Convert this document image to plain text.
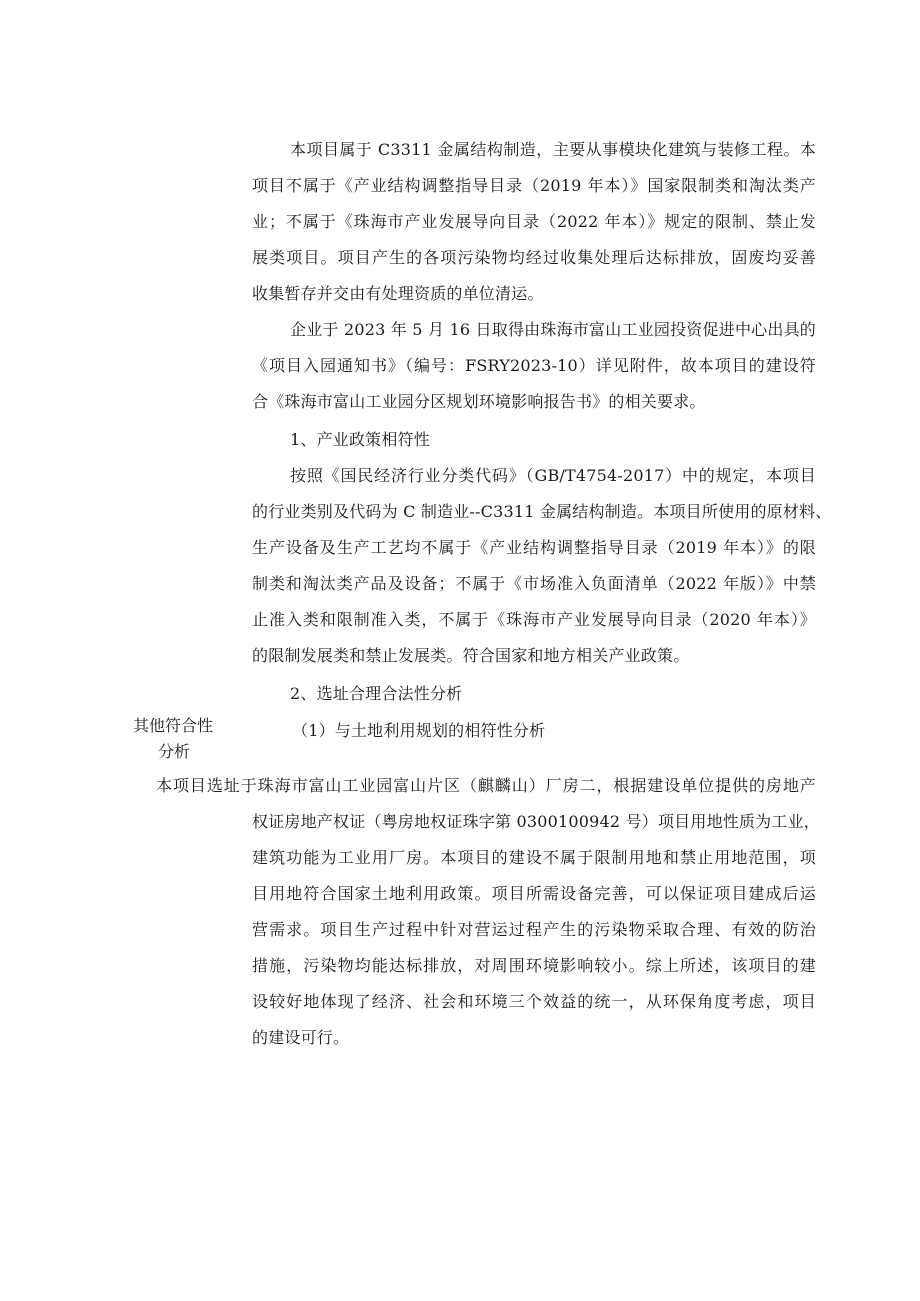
本项目属于 C3311 金属结构制造，主要从事模块化建筑与装修工程。本
项目不属于《产业结构调整指导目录（2019 年本）》国家限制类和淘汰类产
业；不属于《珠海市产业发展导向目录（2022 年本）》规定的限制、禁止发
展类项目。项目产生的各项污染物均经过收集处理后达标排放，固废均妥善
收集暂存并交由有处理资质的单位清运。
企业于 2023 年 5 月 16 日取得由珠海市富山工业园投资促进中心出具的
《项目入园通知书》（编号：FSRY2023-10）详见附件，故本项目的建设符
合《珠海市富山工业园分区规划环境影响报告书》的相关要求。
1、产业政策相符性
按照《国民经济行业分类代码》（GB/T4754-2017）中的规定，本项目
的行业类别及代码为 C 制造业--C3311 金属结构制造。本项目所使用的原材料、
生产设备及生产工艺均不属于《产业结构调整指导目录（2019 年本）》的限
制类和淘汰类产品及设备；不属于《市场准入负面清单（2022 年版）》中禁
止准入类和限制准入类，不属于《珠海市产业发展导向目录（2020 年本）》
的限制发展类和禁止发展类。符合国家和地方相关产业政策。
2、选址合理合法性分析
其他符合性
分析
（1）与土地利用规划的相符性分析
本项目选址于珠海市富山工业园富山片区（麒麟山）厂房二，根据建设单位提供的房地产
权证房地产权证（粤房地权证珠字第 0300100942 号）项目用地性质为工业，
建筑功能为工业用厂房。本项目的建设不属于限制用地和禁止用地范围，项
目用地符合国家土地利用政策。项目所需设备完善，可以保证项目建成后运
营需求。项目生产过程中针对营运过程产生的污染物采取合理、有效的防治
措施，污染物均能达标排放，对周围环境影响较小。综上所述，该项目的建
设较好地体现了经济、社会和环境三个效益的统一，从环保角度考虑，项目
的建设可行。
